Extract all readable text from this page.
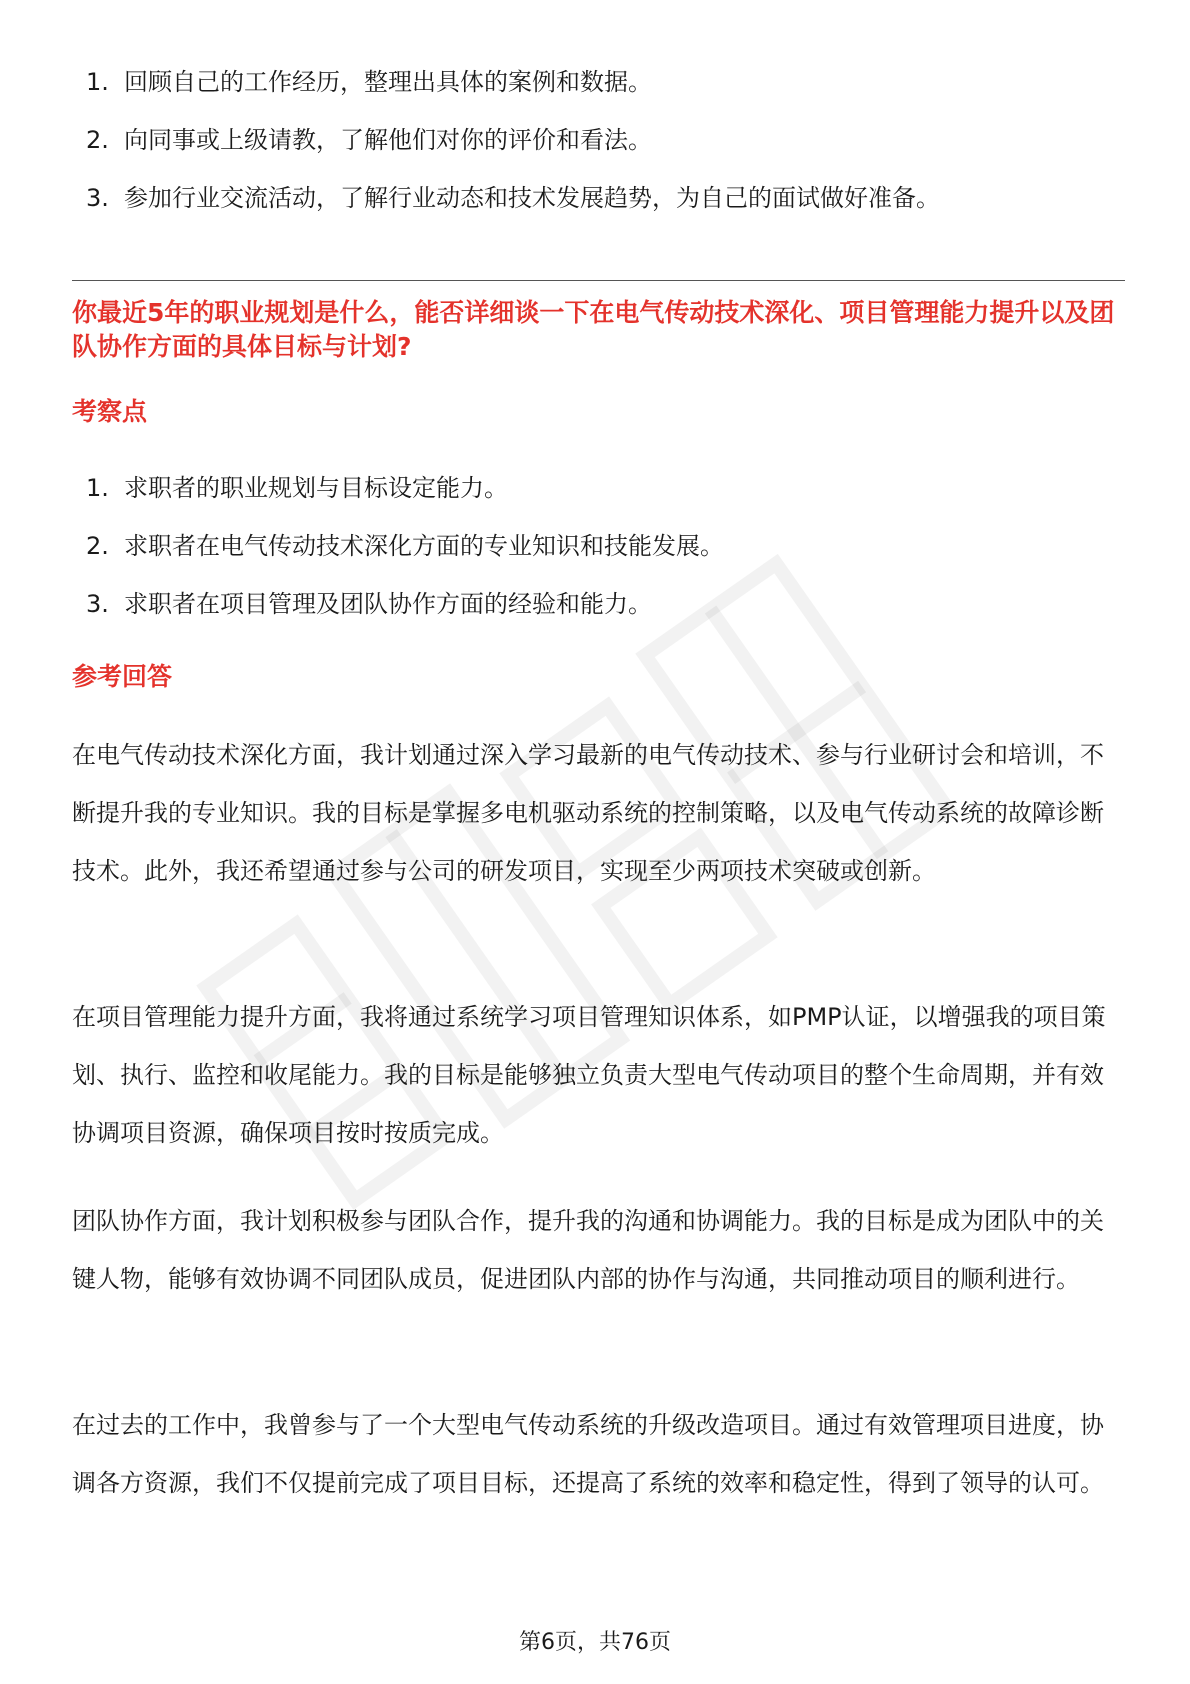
1. 回顾自己的工作经历，整理出具体的案例和数据。
2. 向同事或上级请教，了解他们对你的评价和看法。
3. 参加行业交流活动，了解行业动态和技术发展趋势，为自己的面试做好准备。
你最近5年的职业规划是什么，能否详细谈一下在电气传动技术深化、项目管理能力提升以及团队协作方面的具体目标与计划?
考察点
1. 求职者的职业规划与目标设定能力。
2. 求职者在电气传动技术深化方面的专业知识和技能发展。
3. 求职者在项目管理及团队协作方面的经验和能力。
参考回答

在电气传动技术深化方面，我计划通过深入学习最新的电气传动技术、参与行业研讨会和培训，不断提升我的专业知识。我的目标是掌握多电机驱动系统的控制策略，以及电气传动系统的故障诊断技术。此外，我还希望通过参与公司的研发项目，实现至少两项技术突破或创新。

在项目管理能力提升方面，我将通过系统学习项目管理知识体系，如PMP认证，以增强我的项目策划、执行、监控和收尾能力。我的目标是能够独立负责大型电气传动项目的整个生命周期，并有效协调项目资源，确保项目按时按质完成。

团队协作方面，我计划积极参与团队合作，提升我的沟通和协调能力。我的目标是成为团队中的关键人物，能够有效协调不同团队成员，促进团队内部的协作与沟通，共同推动项目的顺利进行。

在过去的工作中，我曾参与了一个大型电气传动系统的升级改造项目。通过有效管理项目进度，协调各方资源，我们不仅提前完成了项目目标，还提高了系统的效率和稳定性，得到了领导的认可。

第6页，共76页
